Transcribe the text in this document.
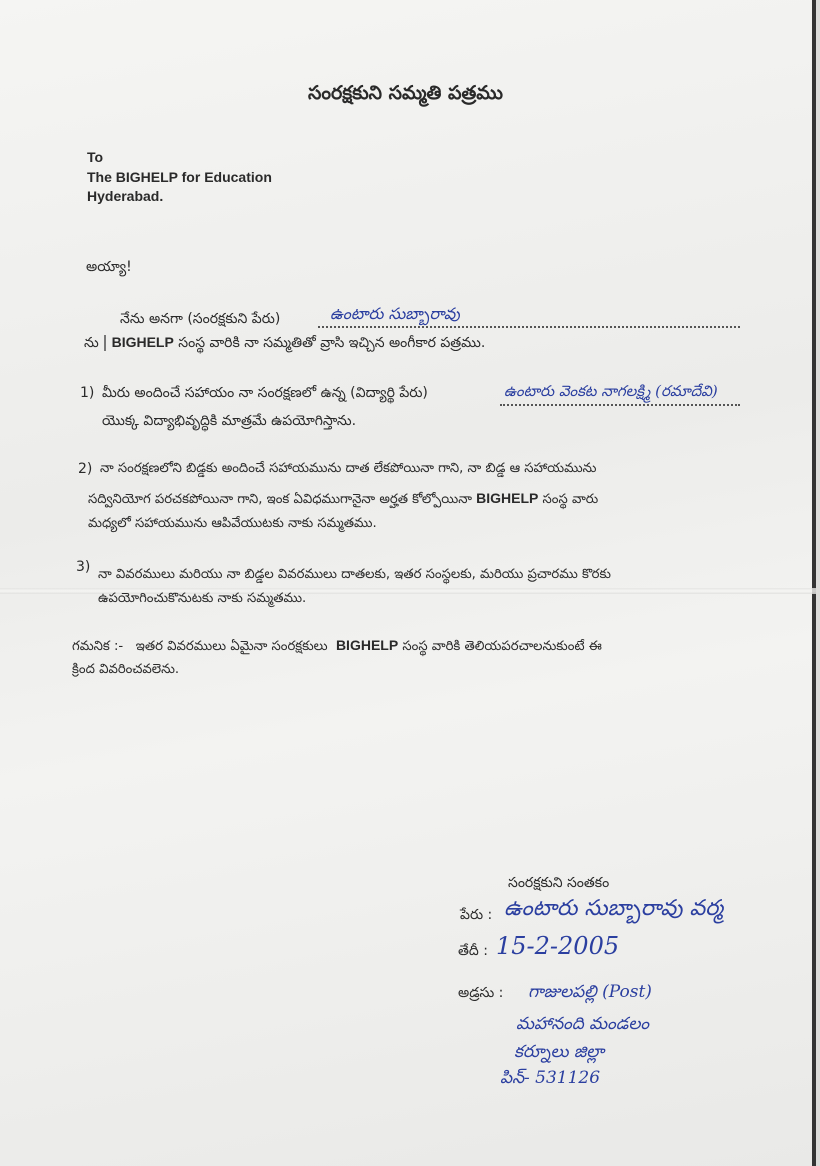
సంరక్షకుని సమ్మతి పత్రము
To
The BIGHELP for Education
Hyderabad.
అయ్యా!
నేను అనగా (సంరక్షకుని పేరు)	ఉంటారు సుబ్బారావు
ను BIGHELP సంస్థ వారికి నా సమ్మతితో వ్రాసి ఇచ్చిన అంగీకార పత్రము.
1) మీరు అందించే సహాయం నా సంరక్షణలో ఉన్న (విద్యార్థి పేరు)	ఉంటారు వెంకట నాగలక్ష్మి (రమాదేవి)
యొక్క విద్యాభివృద్ధికి మాత్రమే ఉపయోగిస్తాను.
2) నా సంరక్షణలోని బిడ్డకు అందించే సహాయమును దాత లేకపోయినా గాని, నా బిడ్డ ఆ సహాయమును
సద్వినియోగ పరచకపోయినా గాని, ఇంక ఏవిధముగానైనా అర్హత కోల్పోయినా BIGHELP సంస్థ వారు
మధ్యలో సహాయమును ఆపివేయుటకు నాకు సమ్మతము.
3) నా వివరములు మరియు నా బిడ్డల వివరములు దాతలకు, ఇతర సంస్థలకు, మరియు ప్రచారము కొరకు
ఉపయోగించుకొనుటకు నాకు సమ్మతము.
గమనిక :- ఇతర వివరములు ఏమైనా సంరక్షకులు BIGHELP సంస్థ వారికి తెలియపరచాలనుకుంటే ఈ
క్రింద వివరించవలెను.
సంరక్షకుని సంతకం
పేరు : ఉంటారు సుబ్బారావు వర్మ
తేదీ : 15-2-2005
అడ్రసు : గాజులపల్లి (Post)
మహానంది మండలం
కర్నూలు జిల్లా
పిన్- 531126
